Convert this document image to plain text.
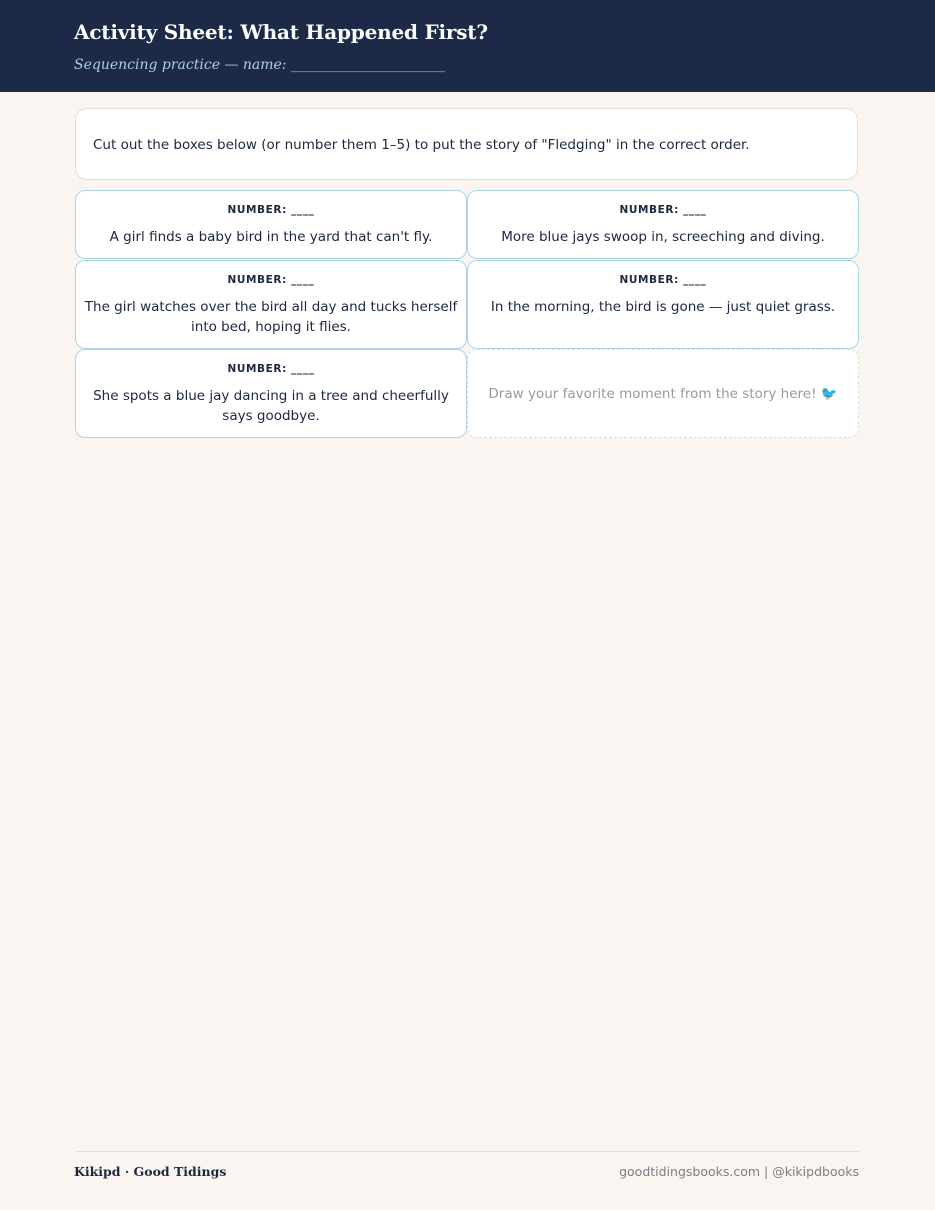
Activity Sheet: What Happened First?
Sequencing practice — name: ______________________
Cut out the boxes below (or number them 1–5) to put the story of "Fledging" in the correct order.
NUMBER: ____
A girl finds a baby bird in the yard that can't fly.
NUMBER: ____
More blue jays swoop in, screeching and diving.
NUMBER: ____
The girl watches over the bird all day and tucks herself into bed, hoping it flies.
NUMBER: ____
In the morning, the bird is gone — just quiet grass.
NUMBER: ____
She spots a blue jay dancing in a tree and cheerfully says goodbye.
Draw your favorite moment from the story here! 🐦
Kikipd · Good Tidings	goodtidingsbooks.com | @kikipdbooks
